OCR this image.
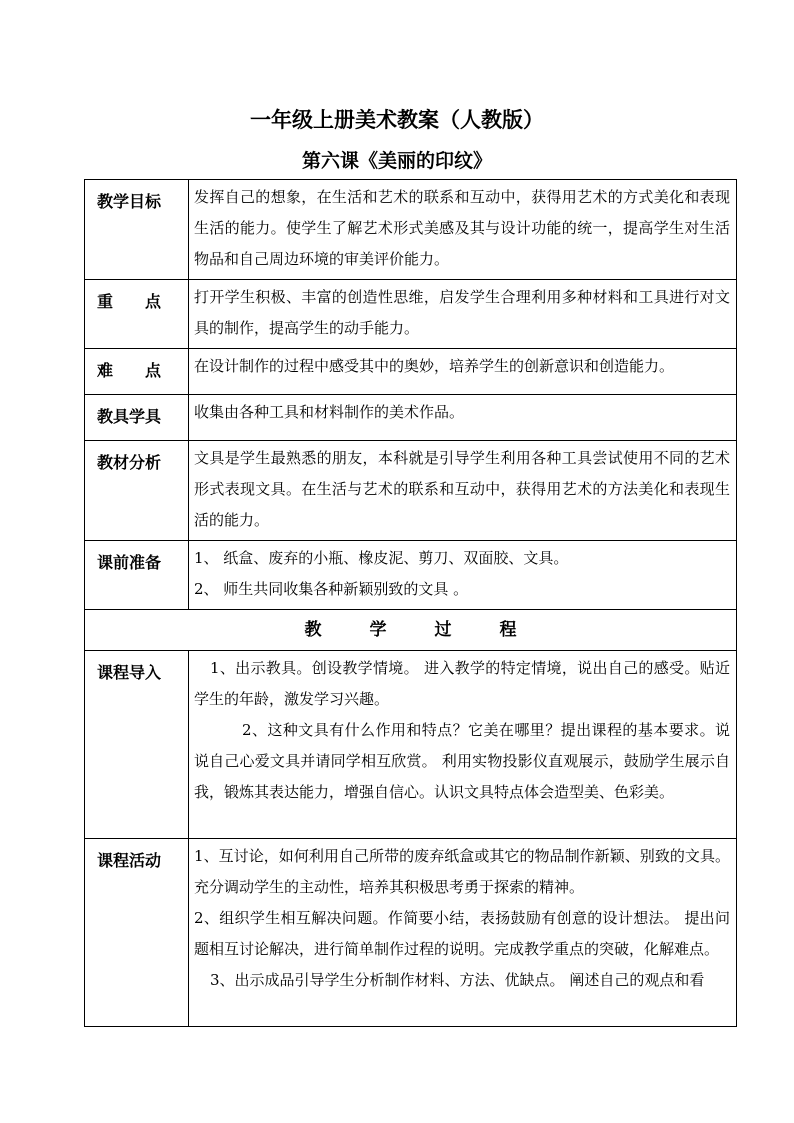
一年级上册美术教案（人教版）
第六课《美丽的印纹》
教学目标	发挥自己的想象，在生活和艺术的联系和互动中，获得用艺术的方式美化和表现生活的能力。使学生了解艺术形式美感及其与设计功能的统一，提高学生对生活物品和自己周边环境的审美评价能力。
重　　点	打开学生积极、丰富的创造性思维，启发学生合理利用多种材料和工具进行对文具的制作，提高学生的动手能力。
难　　点	在设计制作的过程中感受其中的奥妙，培养学生的创新意识和创造能力。
教具学具	收集由各种工具和材料制作的美术作品。
教材分析	文具是学生最熟悉的朋友，本科就是引导学生利用各种工具尝试使用不同的艺术形式表现文具。在生活与艺术的联系和互动中，获得用艺术的方法美化和表现生活的能力。
课前准备	1、 纸盒、废弃的小瓶、橡皮泥、剪刀、双面胶、文具。

2、 师生共同收集各种新颖别致的文具 。

教学过程	
课程导入	1、出示教具。创设教学情境。 进入教学的特定情境，说出自己的感受。贴近学生的年龄，激发学习兴趣。

2、这种文具有什么作用和特点？它美在哪里？提出课程的基本要求。说说自己心爱文具并请同学相互欣赏。 利用实物投影仪直观展示，鼓励学生展示自我，锻炼其表达能力，增强自信心。认识文具特点体会造型美、色彩美。

课程活动	1、互讨论，如何利用自己所带的废弃纸盒或其它的物品制作新颖、别致的文具。 充分调动学生的主动性，培养其积极思考勇于探索的精神。

2、组织学生相互解决问题。作简要小结，表扬鼓励有创意的设计想法。 提出问题相互讨论解决，进行简单制作过程的说明。完成教学重点的突破，化解难点。

3、出示成品引导学生分析制作材料、方法、优缺点。 阐述自己的观点和看
